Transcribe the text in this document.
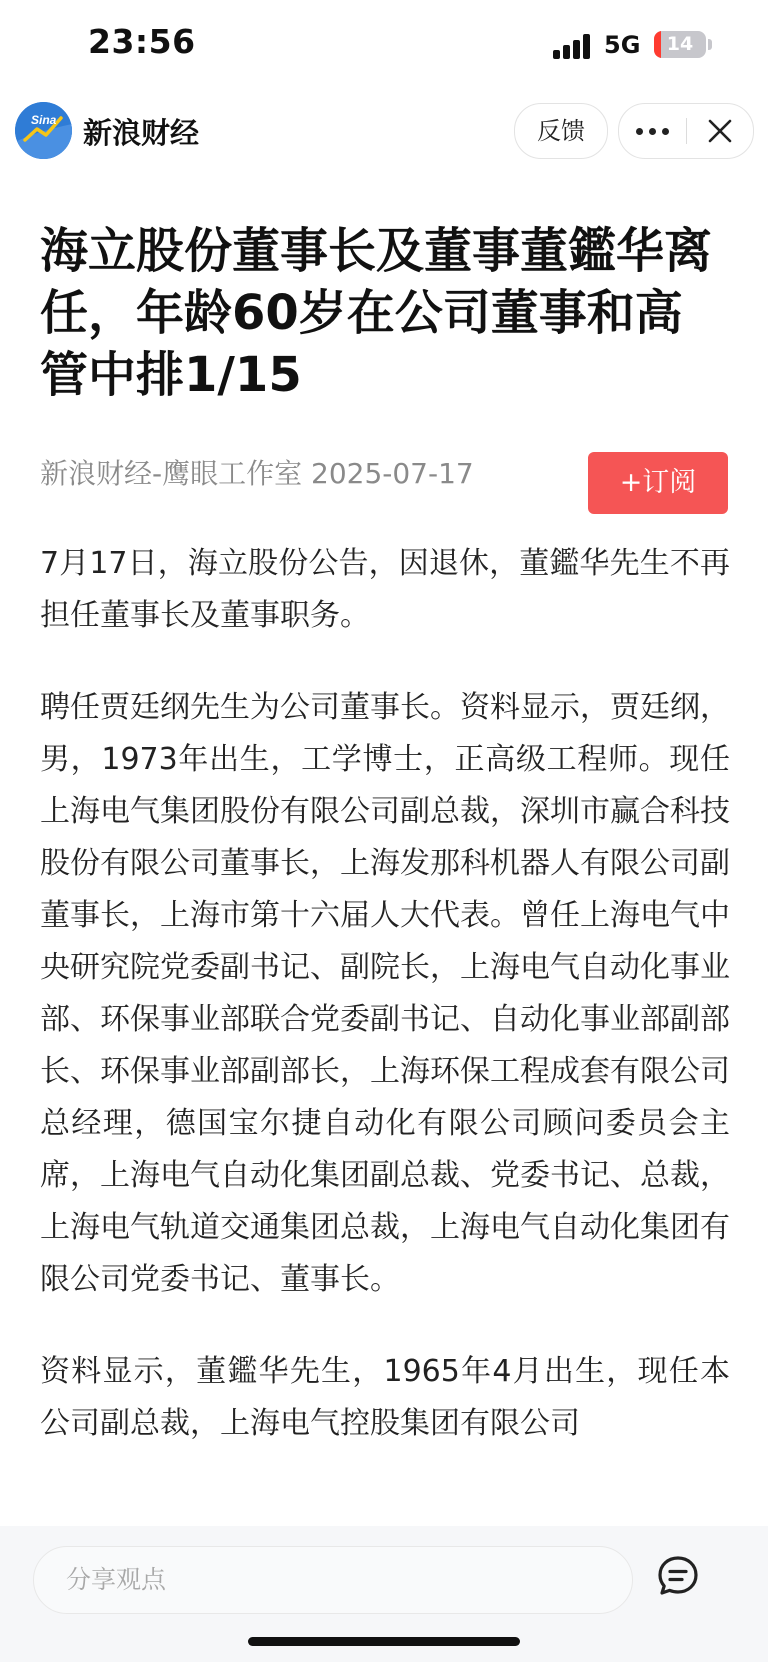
23:56	5G	14
Sina 新浪财经	反馈
海立股份董事长及董事董鑑华离任，年龄60岁在公司董事和高管中排1/15
新浪财经-鹰眼工作室 2025-07-17	+订阅

7月17日，海立股份公告，因退休，董鑑华先生不再担任董事长及董事职务。

聘任贾廷纲先生为公司董事长。资料显示，贾廷纲，男，1973年出生，工学博士，正高级工程师。现任上海电气集团股份有限公司副总裁，深圳市赢合科技股份有限公司董事长，上海发那科机器人有限公司副董事长，上海市第十六届人大代表。曾任上海电气中央研究院党委副书记、副院长，上海电气自动化事业部、环保事业部联合党委副书记、自动化事业部副部长、环保事业部副部长，上海环保工程成套有限公司总经理，德国宝尔捷自动化有限公司顾问委员会主席，上海电气自动化集团副总裁、党委书记、总裁，上海电气轨道交通集团总裁，上海电气自动化集团有限公司党委书记、董事长。

资料显示，董鑑华先生，1965年4月出生，现任本公司副总裁，上海电气控股集团有限公司

分享观点
